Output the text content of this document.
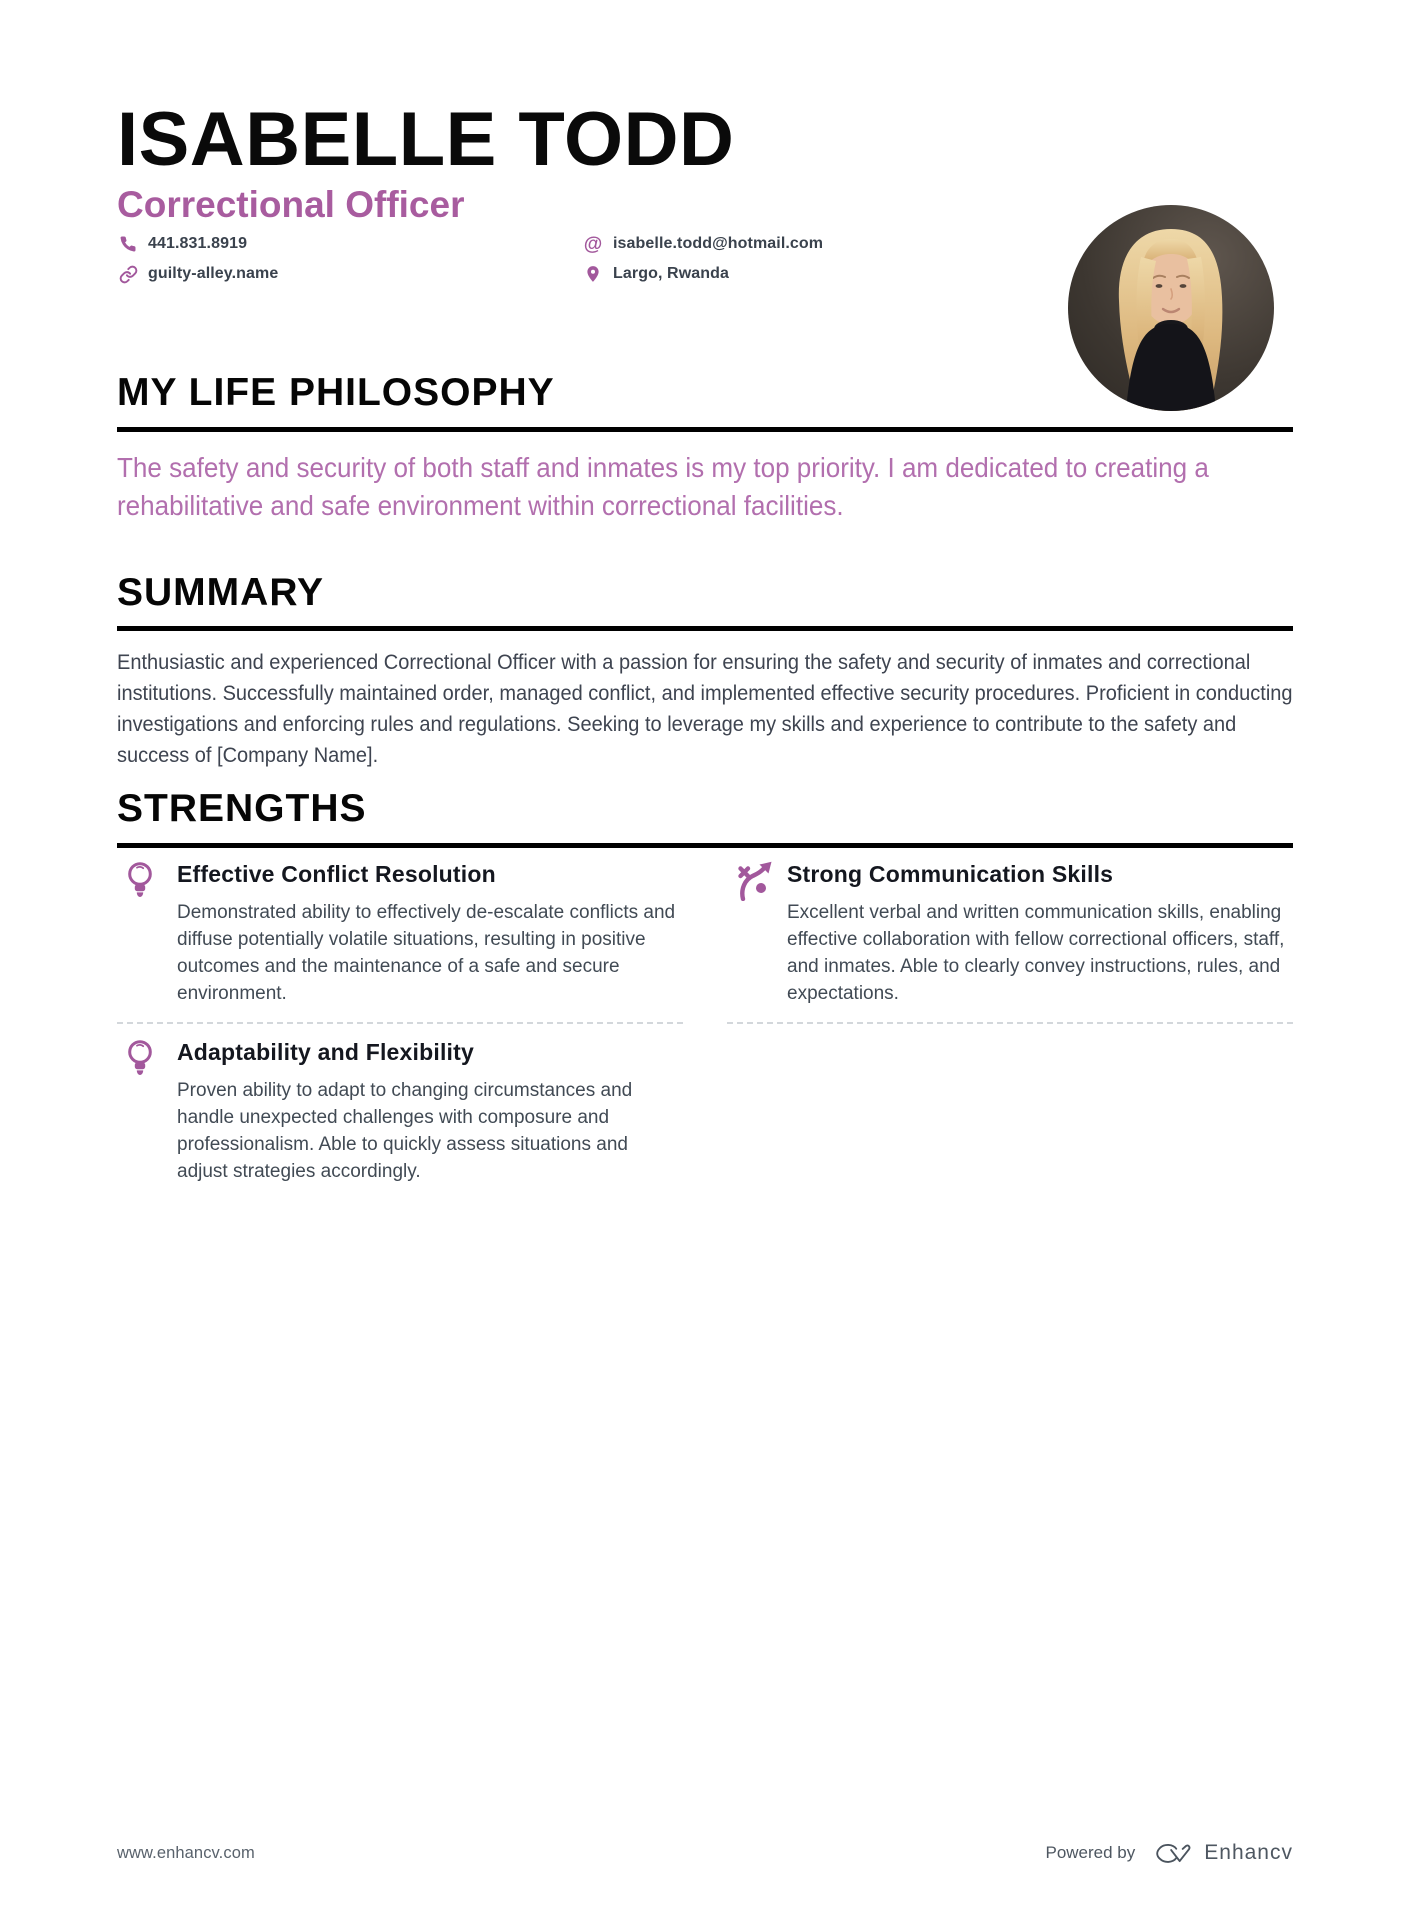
ISABELLE TODD
Correctional Officer
441.831.8919
guilty-alley.name
@ isabelle.todd@hotmail.com
Largo, Rwanda
MY LIFE PHILOSOPHY

The safety and security of both staff and inmates is my top priority. I am dedicated to creating a rehabilitative and safe environment within correctional facilities.

SUMMARY

Enthusiastic and experienced Correctional Officer with a passion for ensuring the safety and security of inmates and correctional institutions. Successfully maintained order, managed conflict, and implemented effective security procedures. Proficient in conducting investigations and enforcing rules and regulations. Seeking to leverage my skills and experience to contribute to the safety and success of [Company Name].

STRENGTHS
Effective Conflict Resolution
Demonstrated ability to effectively de-escalate conflicts and diffuse potentially volatile situations, resulting in positive outcomes and the maintenance of a safe and secure environment.
Adaptability and Flexibility
Proven ability to adapt to changing circumstances and handle unexpected challenges with composure and professionalism. Able to quickly assess situations and adjust strategies accordingly.
Strong Communication Skills
Excellent verbal and written communication skills, enabling effective collaboration with fellow correctional officers, staff, and inmates. Able to clearly convey instructions, rules, and expectations.
www.enhancv.com	Powered by	Enhancv
